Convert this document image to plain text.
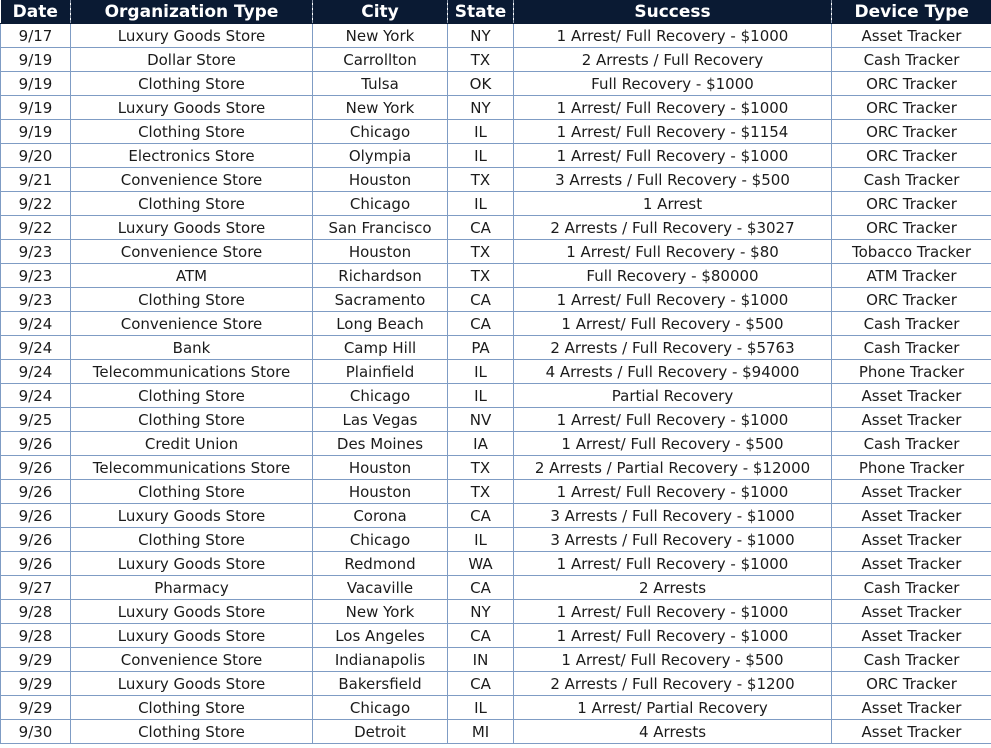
Date	Organization Type	City	State	Success	Device Type
9/17	Luxury Goods Store	New York	NY	1 Arrest/ Full Recovery - $1000	Asset Tracker
9/19	Dollar Store	Carrollton	TX	2 Arrests / Full Recovery	Cash Tracker
9/19	Clothing Store	Tulsa	OK	Full Recovery - $1000	ORC Tracker
9/19	Luxury Goods Store	New York	NY	1 Arrest/ Full Recovery - $1000	ORC Tracker
9/19	Clothing Store	Chicago	IL	1 Arrest/ Full Recovery - $1154	ORC Tracker
9/20	Electronics Store	Olympia	IL	1 Arrest/ Full Recovery - $1000	ORC Tracker
9/21	Convenience Store	Houston	TX	3 Arrests / Full Recovery - $500	Cash Tracker
9/22	Clothing Store	Chicago	IL	1 Arrest	ORC Tracker
9/22	Luxury Goods Store	San Francisco	CA	2 Arrests / Full Recovery - $3027	ORC Tracker
9/23	Convenience Store	Houston	TX	1 Arrest/ Full Recovery - $80	Tobacco Tracker
9/23	ATM	Richardson	TX	Full Recovery - $80000	ATM Tracker
9/23	Clothing Store	Sacramento	CA	1 Arrest/ Full Recovery - $1000	ORC Tracker
9/24	Convenience Store	Long Beach	CA	1 Arrest/ Full Recovery - $500	Cash Tracker
9/24	Bank	Camp Hill	PA	2 Arrests / Full Recovery - $5763	Cash Tracker
9/24	Telecommunications Store	Plainfield	IL	4 Arrests / Full Recovery - $94000	Phone Tracker
9/24	Clothing Store	Chicago	IL	Partial Recovery	Asset Tracker
9/25	Clothing Store	Las Vegas	NV	1 Arrest/ Full Recovery - $1000	Asset Tracker
9/26	Credit Union	Des Moines	IA	1 Arrest/ Full Recovery - $500	Cash Tracker
9/26	Telecommunications Store	Houston	TX	2 Arrests / Partial Recovery - $12000	Phone Tracker
9/26	Clothing Store	Houston	TX	1 Arrest/ Full Recovery - $1000	Asset Tracker
9/26	Luxury Goods Store	Corona	CA	3 Arrests / Full Recovery - $1000	Asset Tracker
9/26	Clothing Store	Chicago	IL	3 Arrests / Full Recovery - $1000	Asset Tracker
9/26	Luxury Goods Store	Redmond	WA	1 Arrest/ Full Recovery - $1000	Asset Tracker
9/27	Pharmacy	Vacaville	CA	2 Arrests	Cash Tracker
9/28	Luxury Goods Store	New York	NY	1 Arrest/ Full Recovery - $1000	Asset Tracker
9/28	Luxury Goods Store	Los Angeles	CA	1 Arrest/ Full Recovery - $1000	Asset Tracker
9/29	Convenience Store	Indianapolis	IN	1 Arrest/ Full Recovery - $500	Cash Tracker
9/29	Luxury Goods Store	Bakersfield	CA	2 Arrests / Full Recovery - $1200	ORC Tracker
9/29	Clothing Store	Chicago	IL	1 Arrest/ Partial Recovery	Asset Tracker
9/30	Clothing Store	Detroit	MI	4 Arrests	Asset Tracker
